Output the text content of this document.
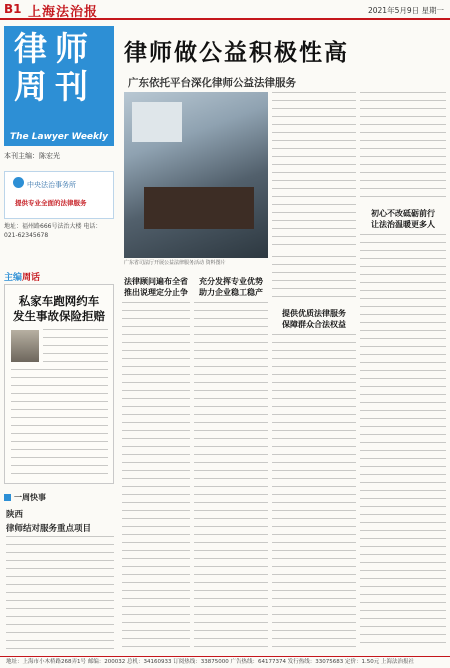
B1 上海法治报	2021年5月9日 星期一
律师周刊
The Lawyer Weekly
本刊主编：陈宏光
中央法治事务所
提供专业全面的法律服务
地址：福州路666号法治大楼 电话：021-62345678
主编周话
私家车跑网约车
发生事故保险拒赔
一周快事
陕西
律师结对服务重点项目
律师做公益积极性高
广东依托平台深化律师公益法律服务
广东省司法厅开展公益法律服务活动 资料图片
初心不改砥砺前行
让法治温暖更多人
法律顾问遍布全省
推出说理定分止争
充分发挥专业优势
助力企业稳工稳产
提供优质法律服务
保障群众合法权益
地址：上海市小木桥路268弄1号 邮编：200032 总机：34160933 订阅热线：33875000 广告热线：64177374 发行热线：33075683 定价：1.50元 上海法治报社
